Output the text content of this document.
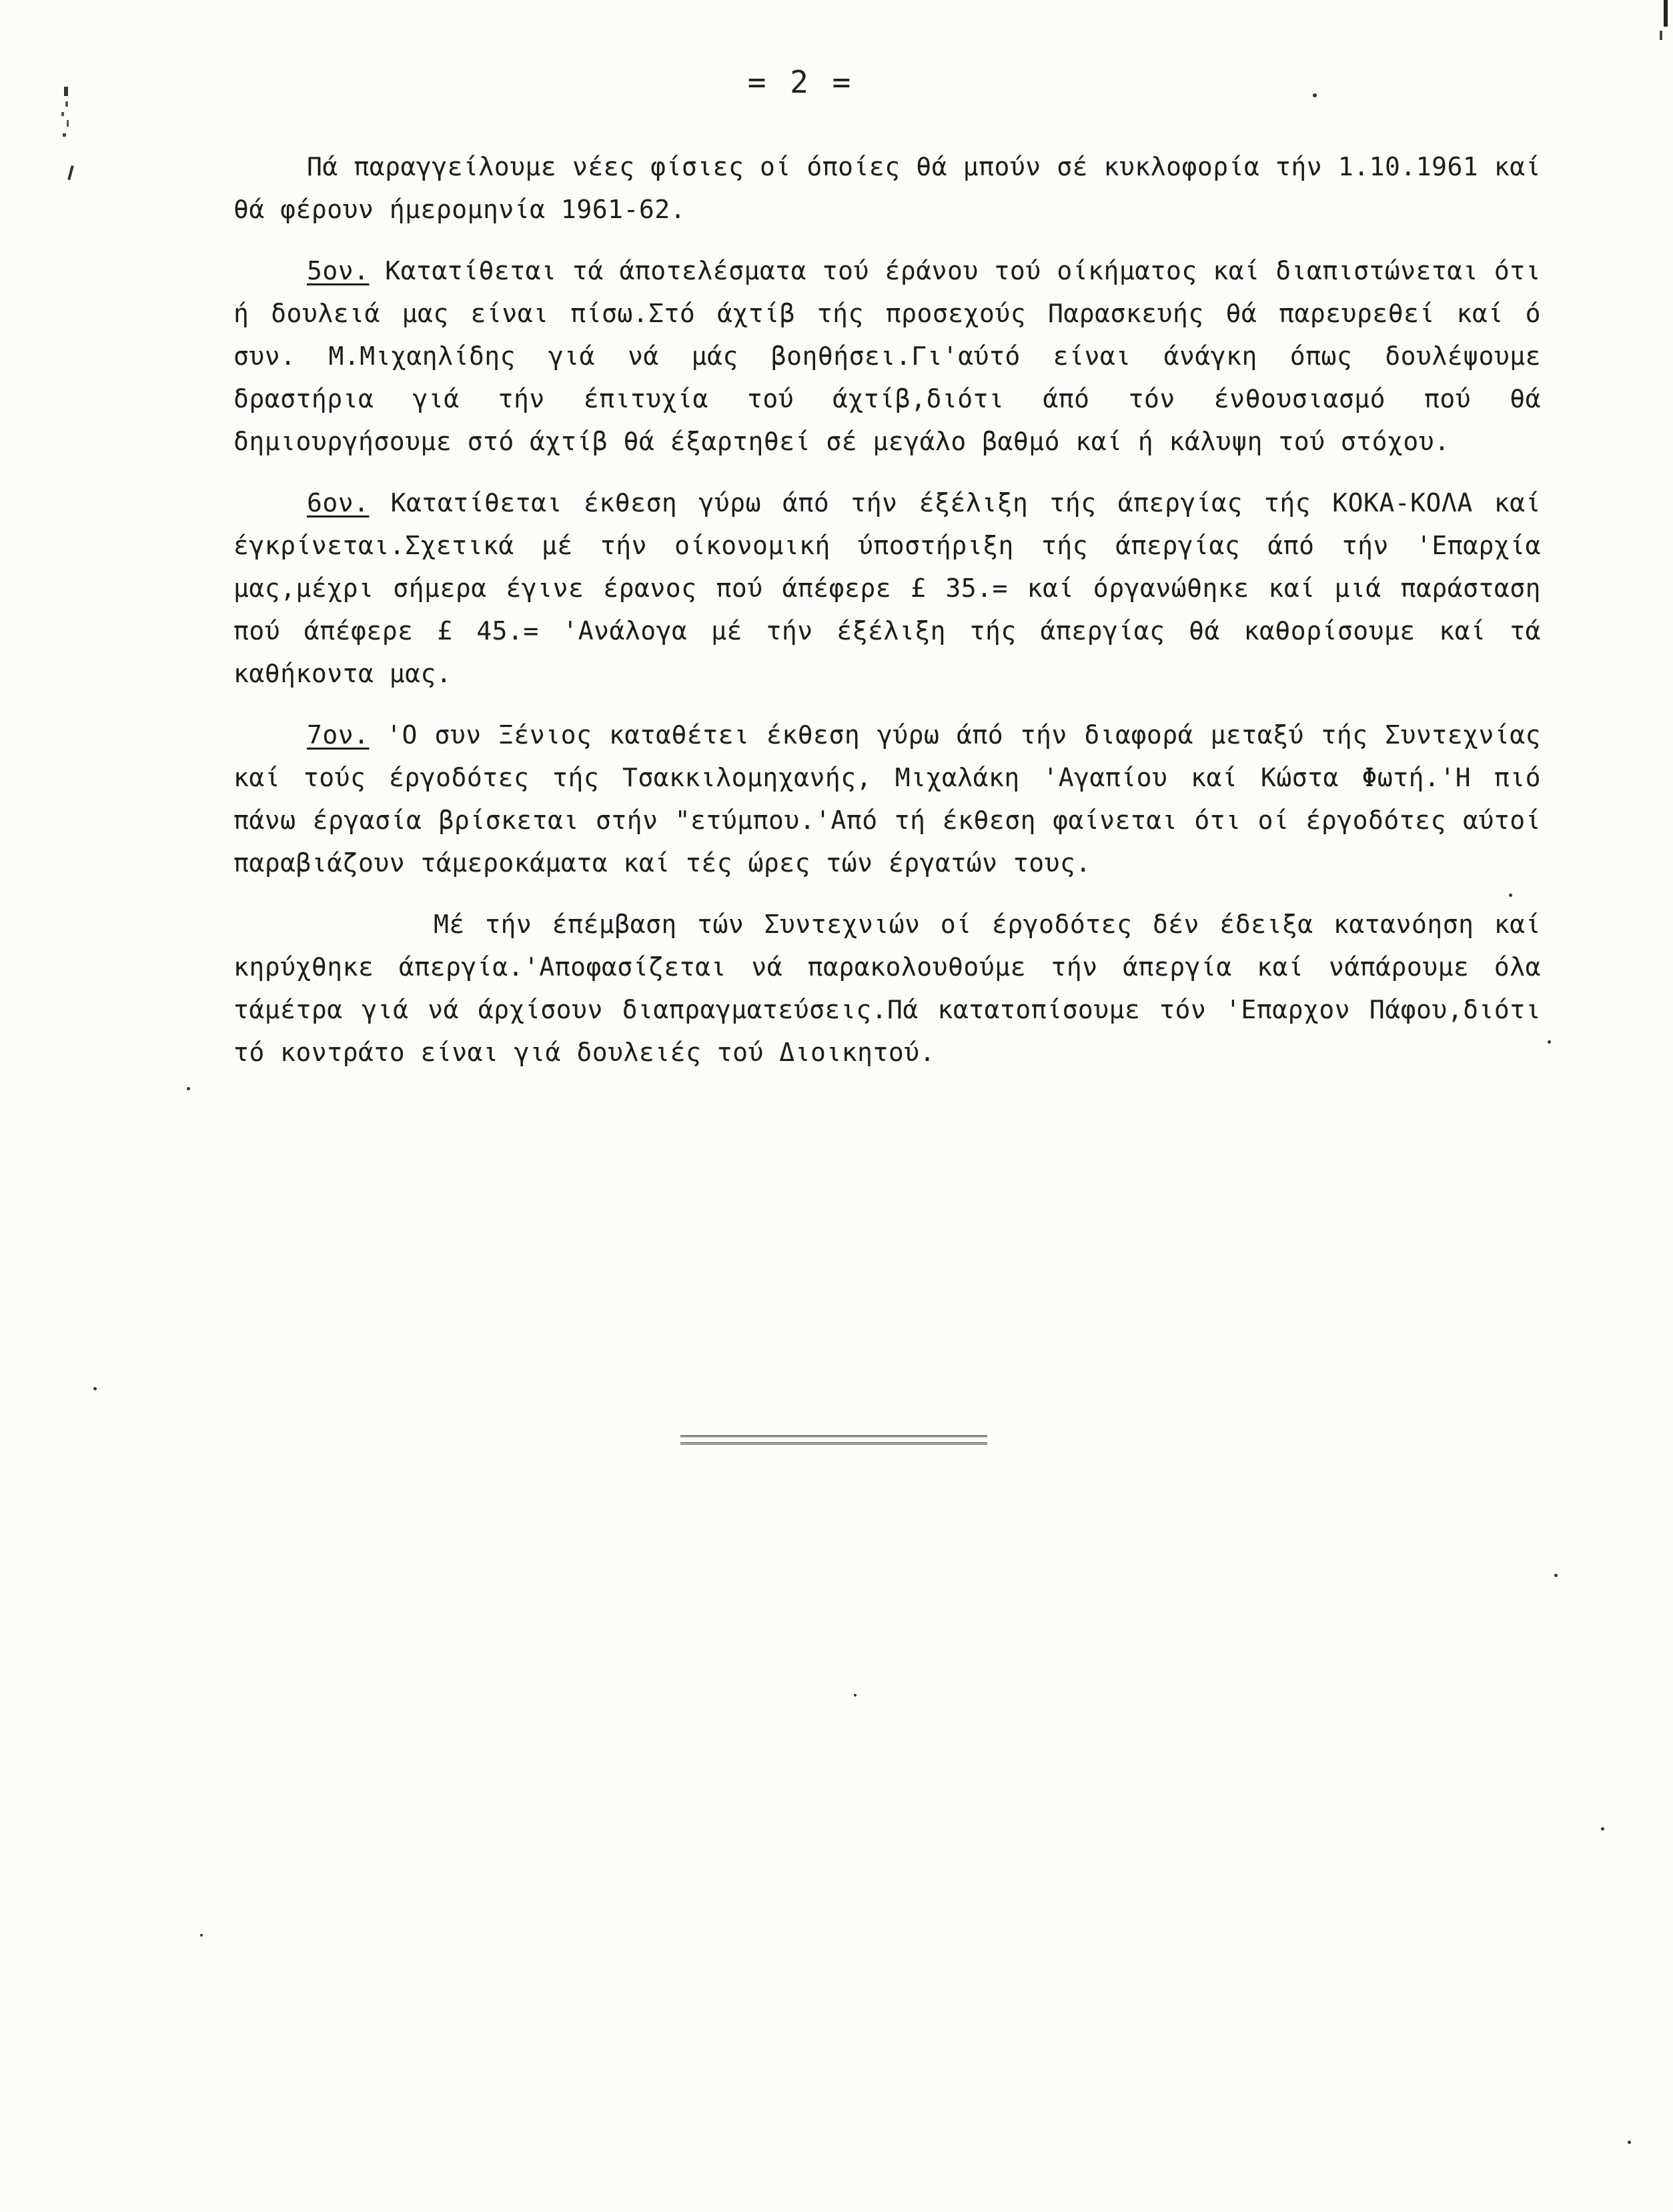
= 2 =

Πά παραγγείλουμε νέες φίσιες οί όποίες θά μπούν σέ κυκλοφορία τήν 1.10.1961 καί θά φέρουν ήμερομηνία 1961-62.

5ον. Κατατίθεται τά άποτελέσματα τού έράνου τού οίκήματος καί διαπιστώνεται ότι ή δουλειά μας είναι πίσω.Στό άχτίβ τής προσεχούς Παρασκευής θά παρευρεθεί καί ό συν. Μ.Μιχαηλίδης γιά νά μάς βοηθήσει.Γι'αύτό είναι άνάγκη όπως δουλέψουμε δραστήρια γιά τήν έπιτυχία τού άχτίβ,διότι άπό τόν ένθουσιασμό πού θά δημιουργήσουμε στό άχτίβ θά έξαρτηθεί σέ μεγάλο βαθμό καί ή κάλυψη τού στόχου.

6ον. Κατατίθεται έκθεση γύρω άπό τήν έξέλιξη τής άπεργίας τής ΚΟΚΑ-ΚΟΛΑ καί έγκρίνεται.Σχετικά μέ τήν οίκονομική ύποστήριξη τής άπεργίας άπό τήν 'Επαρχία μας,μέχρι σήμερα έγινε έρανος πού άπέφερε £ 35.= καί όργανώθηκε καί μιά παράσταση πού άπέφερε £ 45.= 'Ανάλογα μέ τήν έξέλιξη τής άπεργίας θά καθορίσουμε καί τά καθήκοντα μας.

7ον. 'Ο συν Ξένιος καταθέτει έκθεση γύρω άπό τήν διαφορά μεταξύ τής Συντεχνίας καί τούς έργοδότες τής Τσακκιλομηχανής, Μιχαλάκη 'Αγαπίου καί Κώστα Φωτή.'Η πιό πάνω έργασία βρίσκεται στήν "ετύμπου.'Από τή έκθεση φαίνεται ότι οί έργοδότες αύτοί παραβιάζουν τάμεροκάματα καί τές ώρες τών έργατών τους.

Μέ τήν έπέμβαση τών Συντεχνιών οί έργοδότες δέν έδειξα κατανόηση καί κηρύχθηκε άπεργία.'Αποφασίζεται νά παρακολουθούμε τήν άπεργία καί νάπάρουμε όλα τάμέτρα γιά νά άρχίσουν διαπραγματεύσεις.Πά κατατοπίσουμε τόν 'Επαρχον Πάφου,διότι τό κοντράτο είναι γιά δουλειές τού Διοικητού.
